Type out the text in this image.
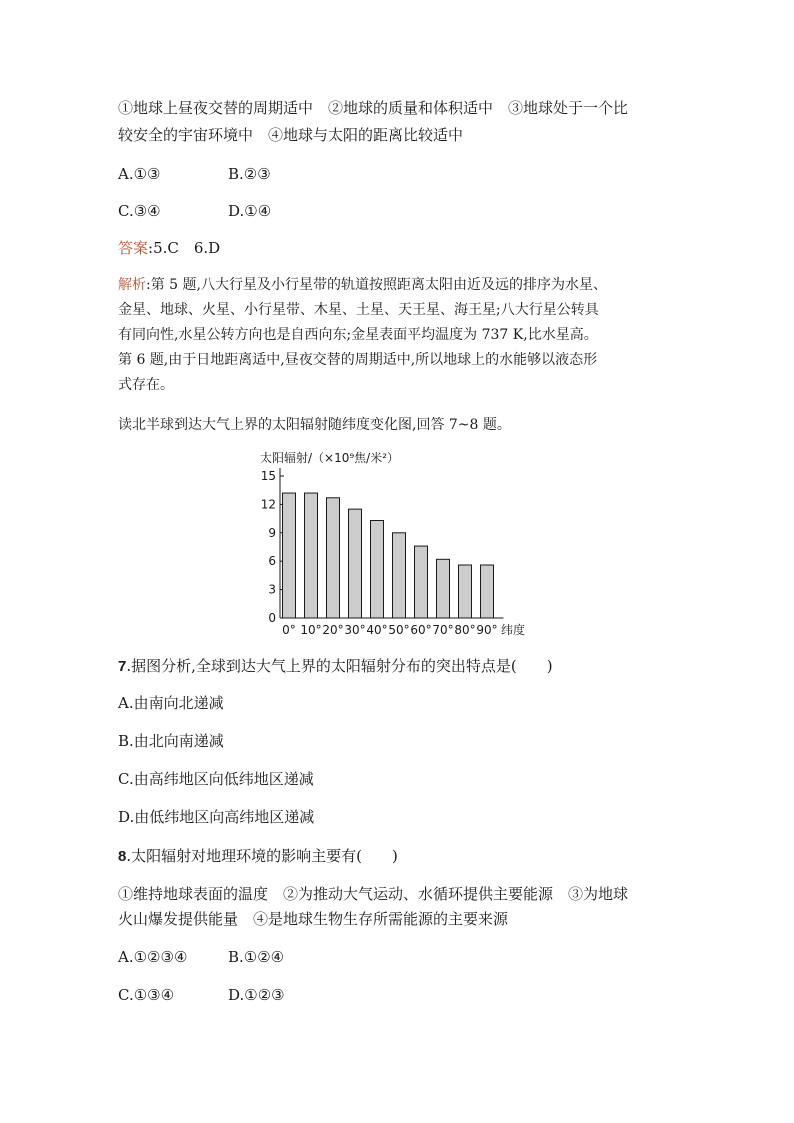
①地球上昼夜交替的周期适中　②地球的质量和体积适中　③地球处于一个比
较安全的宇宙环境中　④地球与太阳的距离比较适中
A.①③	B.②③
C.③④	D.①④
答案:5.C　6.D
解析:第 5 题,八大行星及小行星带的轨道按照距离太阳由近及远的排序为水星、
金星、地球、火星、小行星带、木星、土星、天王星、海王星;八大行星公转具
有同向性,水星公转方向也是自西向东;金星表面平均温度为 737 K,比水星高。
第 6 题,由于日地距离适中,昼夜交替的周期适中,所以地球上的水能够以液态形
式存在。
读北半球到达大气上界的太阳辐射随纬度变化图,回答 7~8 题。
太阳辐射/（×10⁹焦/米²）
0
3
6
9
12
15
0° 10° 20° 30° 40° 50° 60° 70° 80° 90° 纬度
7.据图分析,全球到达大气上界的太阳辐射分布的突出特点是(　　)
A.由南向北递减
B.由北向南递减
C.由高纬地区向低纬地区递减
D.由低纬地区向高纬地区递减
8.太阳辐射对地理环境的影响主要有(　　)
①维持地球表面的温度　②为推动大气运动、水循环提供主要能源　③为地球
火山爆发提供能量　④是地球生物生存所需能源的主要来源
A.①②③④	B.①②④
C.①③④	D.①②③
